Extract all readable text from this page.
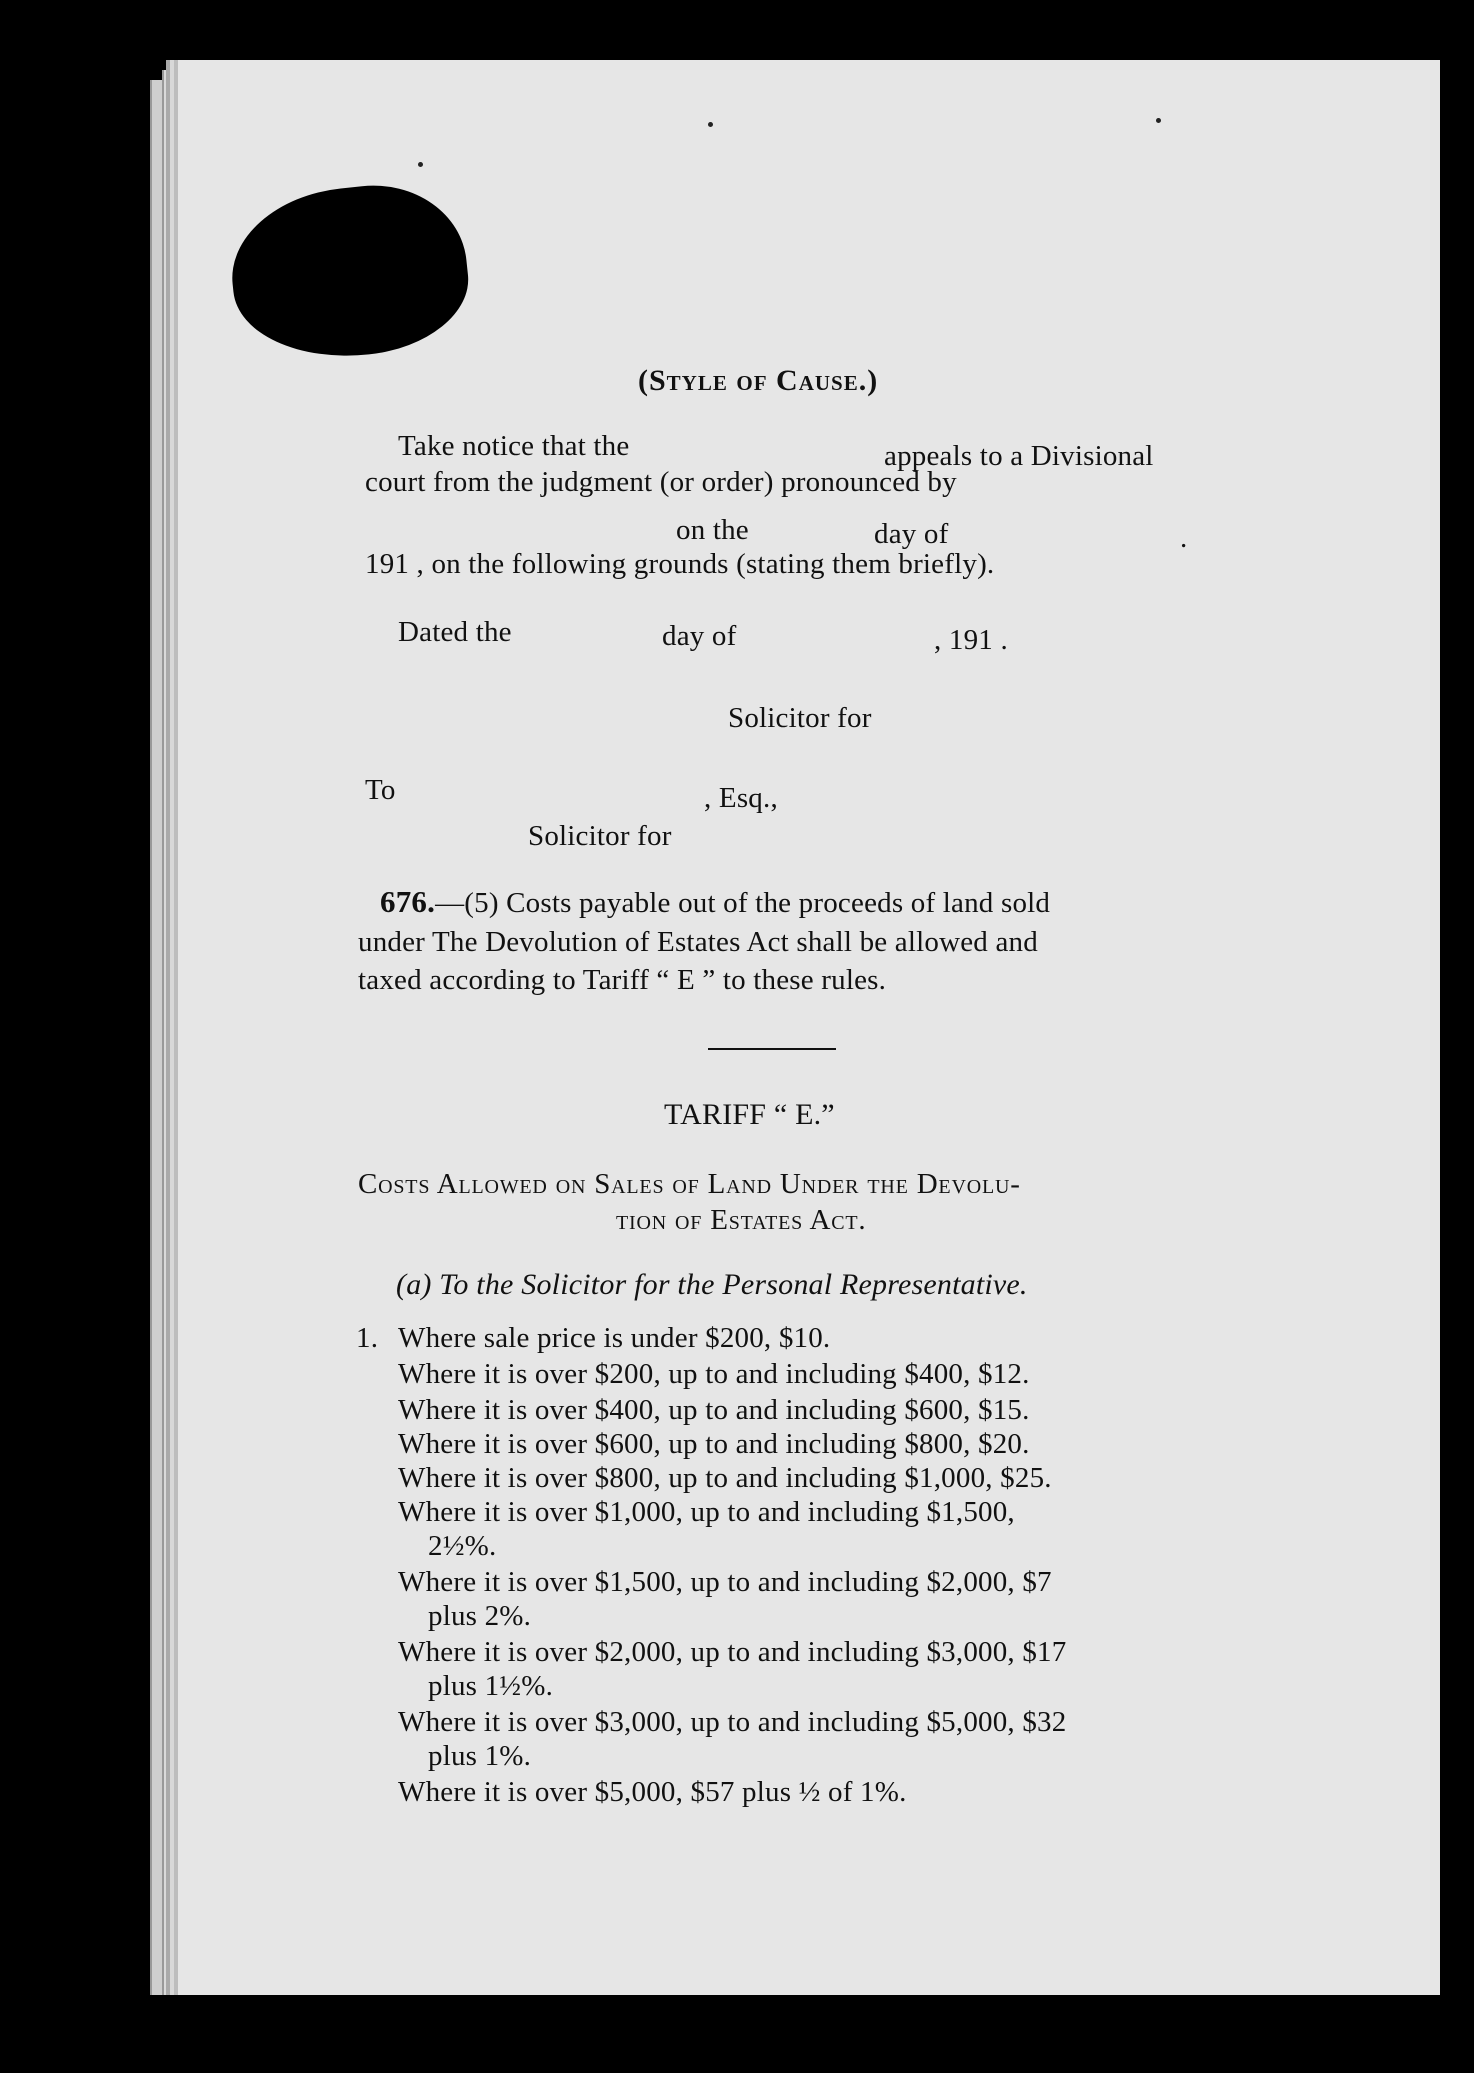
(Style of Cause.)
Take notice that the	appeals to a Divisional
court from the judgment (or order) pronounced by
on the	day of	.
191 , on the following grounds (stating them briefly).
Dated the	day of	, 191 .
Solicitor for
To	, Esq.,
Solicitor for
676.—(5) Costs payable out of the proceeds of land sold
under The Devolution of Estates Act shall be allowed and
taxed according to Tariff “ E ” to these rules.
TARIFF “ E.”
Costs Allowed on Sales of Land Under the Devolu-
tion of Estates Act.
(a) To the Solicitor for the Personal Representative.
1. Where sale price is under $200, $10.
Where it is over $200, up to and including $400, $12.
Where it is over $400, up to and including $600, $15.
Where it is over $600, up to and including $800, $20.
Where it is over $800, up to and including $1,000, $25.
Where it is over $1,000, up to and including $1,500,
2½%.
Where it is over $1,500, up to and including $2,000, $7
plus 2%.
Where it is over $2,000, up to and including $3,000, $17
plus 1½%.
Where it is over $3,000, up to and including $5,000, $32
plus 1%.
Where it is over $5,000, $57 plus ½ of 1%.
